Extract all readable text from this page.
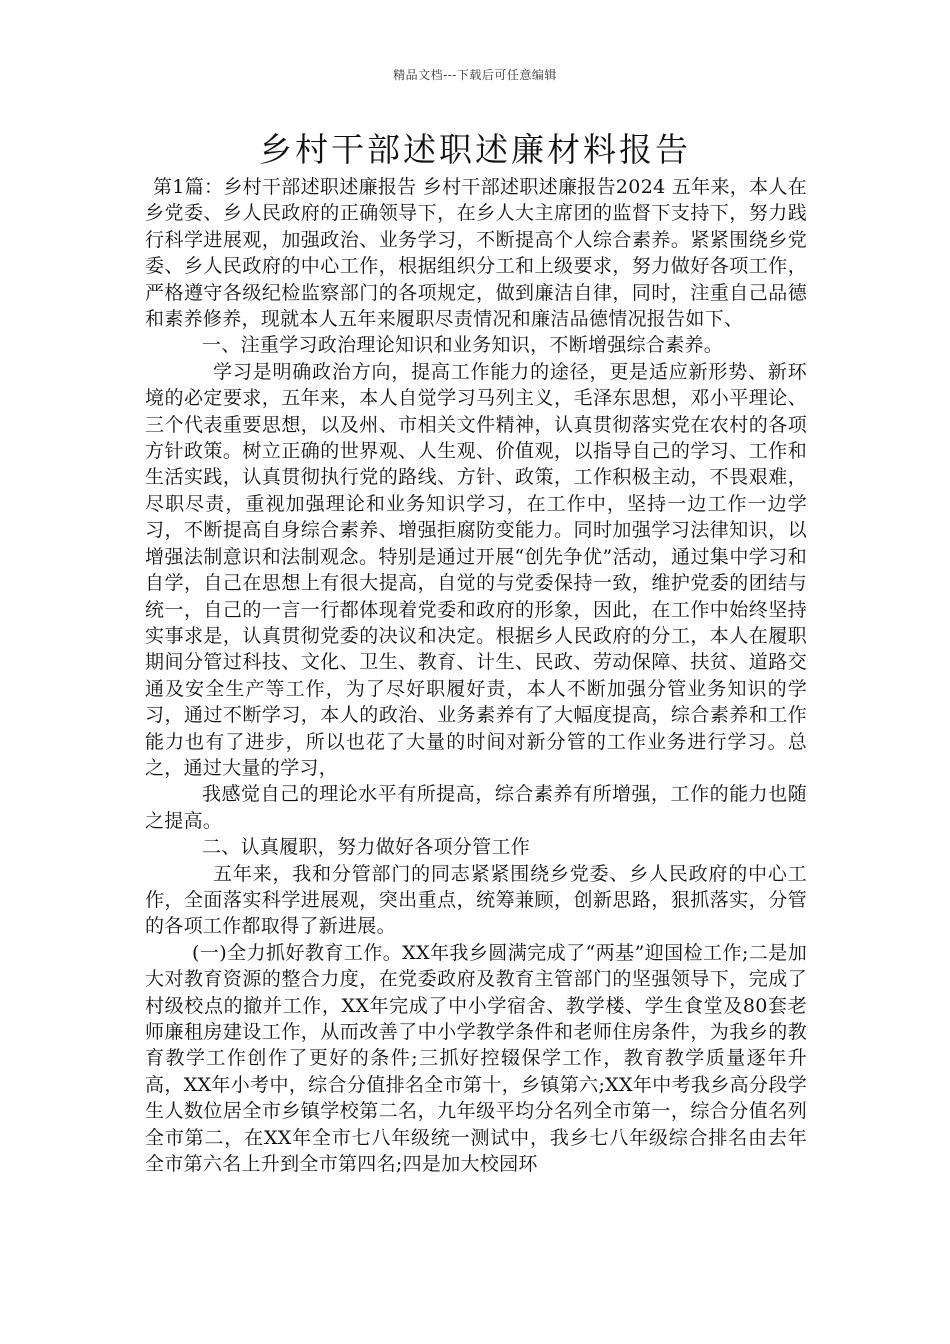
精品文档---下载后可任意编辑
乡村干部述职述廉材料报告

第1篇：乡村干部述职述廉报告 乡村干部述职述廉报告2024 五年来，本人在乡党委、乡人民政府的正确领导下，在乡人大主席团的监督下支持下，努力践行科学进展观，加强政治、业务学习，不断提高个人综合素养。紧紧围绕乡党委、乡人民政府的中心工作，根据组织分工和上级要求，努力做好各项工作，严格遵守各级纪检监察部门的各项规定，做到廉洁自律，同时，注重自己品德和素养修养，现就本人五年来履职尽责情况和廉洁品德情况报告如下、

一、注重学习政治理论知识和业务知识，不断增强综合素养。

学习是明确政治方向，提高工作能力的途径，更是适应新形势、新环境的必定要求，五年来，本人自觉学习马列主义，毛泽东思想，邓小平理论、三个代表重要思想，以及州、市相关文件精神，认真贯彻落实党在农村的各项方针政策。树立正确的世界观、人生观、价值观，以指导自己的学习、工作和生活实践，认真贯彻执行党的路线、方针、政策，工作积极主动，不畏艰难，尽职尽责，重视加强理论和业务知识学习，在工作中，坚持一边工作一边学习，不断提高自身综合素养、增强拒腐防变能力。同时加强学习法律知识，以增强法制意识和法制观念。特别是通过开展“创先争优”活动，通过集中学习和自学，自己在思想上有很大提高，自觉的与党委保持一致，维护党委的团结与统一，自己的一言一行都体现着党委和政府的形象，因此，在工作中始终坚持实事求是，认真贯彻党委的决议和决定。根据乡人民政府的分工，本人在履职期间分管过科技、文化、卫生、教育、计生、民政、劳动保障、扶贫、道路交通及安全生产等工作，为了尽好职履好责，本人不断加强分管业务知识的学习，通过不断学习，本人的政治、业务素养有了大幅度提高，综合素养和工作能力也有了进步，所以也花了大量的时间对新分管的工作业务进行学习。总之，通过大量的学习，

我感觉自己的理论水平有所提高，综合素养有所增强，工作的能力也随之提高。

二、认真履职，努力做好各项分管工作

五年来，我和分管部门的同志紧紧围绕乡党委、乡人民政府的中心工作，全面落实科学进展观，突出重点，统筹兼顾，创新思路，狠抓落实，分管的各项工作都取得了新进展。

(一)全力抓好教育工作。XX年我乡圆满完成了“两基”迎国检工作;二是加大对教育资源的整合力度，在党委政府及教育主管部门的坚强领导下，完成了村级校点的撤并工作，XX年完成了中小学宿舍、教学楼、学生食堂及80套老师廉租房建设工作，从而改善了中小学教学条件和老师住房条件，为我乡的教育教学工作创作了更好的条件;三抓好控辍保学工作，教育教学质量逐年升高，XX年小考中，综合分值排名全市第十，乡镇第六;XX年中考我乡高分段学生人数位居全市乡镇学校第二名，九年级平均分名列全市第一，综合分值名列全市第二，在XX年全市七八年级统一测试中，我乡七八年级综合排名由去年全市第六名上升到全市第四名;四是加大校园环
